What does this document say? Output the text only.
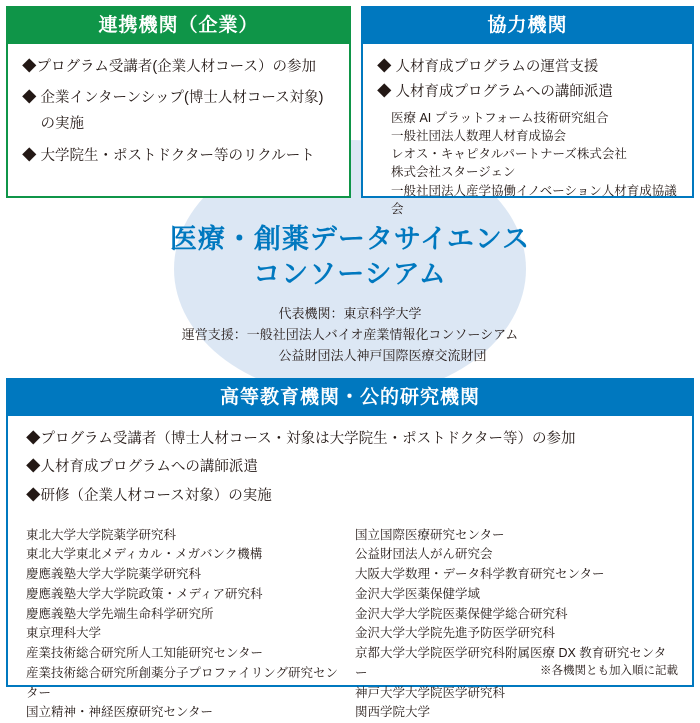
連携機関（企業）
◆プログラム受講者(企業人材コース）の参加
◆ 企業インターンシップ(博士人材コース対象)
　 の実施
◆ 大学院生・ポストドクター等のリクルート
協力機関
◆ 人材育成プログラムの運営支援
◆ 人材育成プログラムへの講師派遣
医療 AI プラットフォーム技術研究組合
一般社団法人数理人材育成協会
レオス・キャピタルパートナーズ株式会社
株式会社スタージェン
一般社団法人産学協働イノベーション人材育成協議会
医療・創薬データサイエンス
コンソーシアム
代表機関：東京科学大学
運営支援：一般社団法人バイオ産業情報化コンソーシアム
　　　　　公益財団法人神戸国際医療交流財団
高等教育機関・公的研究機関
◆プログラム受講者（博士人材コース・対象は大学院生・ポストドクター等）の参加
◆人材育成プログラムへの講師派遣
◆研修（企業人材コース対象）の実施
東北大学大学院薬学研究科
東北大学東北メディカル・メガバンク機構
慶應義塾大学大学院薬学研究科
慶應義塾大学大学院政策・メディア研究科
慶應義塾大学先端生命科学研究所
東京理科大学
産業技術総合研究所人工知能研究センター
産業技術総合研究所創薬分子プロファイリング研究センター
国立精神・神経医療研究センター
国立国際医療研究センター
公益財団法人がん研究会
大阪大学数理・データ科学教育研究センター
金沢大学医薬保健学域
金沢大学大学院医薬保健学総合研究科
金沢大学大学院先進予防医学研究科
京都大学大学院医学研究科附属医療 DX 教育研究センター
神戸大学大学院医学研究科
関西学院大学
※各機関とも加入順に記載
